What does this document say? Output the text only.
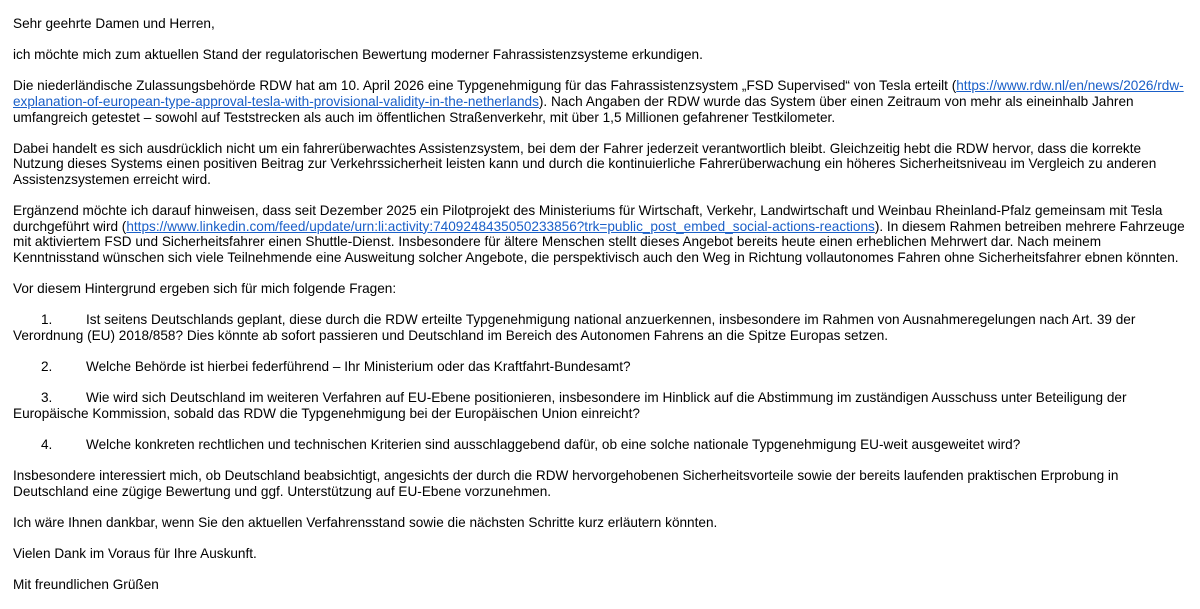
Sehr geehrte Damen und Herren,

ich möchte mich zum aktuellen Stand der regulatorischen Bewertung moderner Fahrassistenzsysteme erkundigen.

Die niederländische Zulassungsbehörde RDW hat am 10. April 2026 eine Typgenehmigung für das Fahrassistenzsystem „FSD Supervised“ von Tesla erteilt (https://www.rdw.nl/en/news/2026/rdw-explanation-of-european-type-approval-tesla-with-provisional-validity-in-the-netherlands). Nach Angaben der RDW wurde das System über einen Zeitraum von mehr als eineinhalb Jahren umfangreich getestet – sowohl auf Teststrecken als auch im öffentlichen Straßenverkehr, mit über 1,5 Millionen gefahrener Testkilometer.

Dabei handelt es sich ausdrücklich nicht um ein fahrerüberwachtes Assistenzsystem, bei dem der Fahrer jederzeit verantwortlich bleibt. Gleichzeitig hebt die RDW hervor, dass die korrekte Nutzung dieses Systems einen positiven Beitrag zur Verkehrssicherheit leisten kann und durch die kontinuierliche Fahrerüberwachung ein höheres Sicherheitsniveau im Vergleich zu anderen Assistenzsystemen erreicht wird.

Ergänzend möchte ich darauf hinweisen, dass seit Dezember 2025 ein Pilotprojekt des Ministeriums für Wirtschaft, Verkehr, Landwirtschaft und Weinbau Rheinland-Pfalz gemeinsam mit Tesla durchgeführt wird (https://www.linkedin.com/feed/update/urn:li:activity:7409248435050233856?trk=public_post_embed_social-actions-reactions). In diesem Rahmen betreiben mehrere Fahrzeuge mit aktiviertem FSD und Sicherheitsfahrer einen Shuttle-Dienst. Insbesondere für ältere Menschen stellt dieses Angebot bereits heute einen erheblichen Mehrwert dar. Nach meinem Kenntnisstand wünschen sich viele Teilnehmende eine Ausweitung solcher Angebote, die perspektivisch auch den Weg in Richtung vollautonomes Fahren ohne Sicherheitsfahrer ebnen könnten.

Vor diesem Hintergrund ergeben sich für mich folgende Fragen:

1. Ist seitens Deutschlands geplant, diese durch die RDW erteilte Typgenehmigung national anzuerkennen, insbesondere im Rahmen von Ausnahmeregelungen nach Art. 39 der Verordnung (EU) 2018/858? Dies könnte ab sofort passieren und Deutschland im Bereich des Autonomen Fahrens an die Spitze Europas setzen.
2. Welche Behörde ist hierbei federführend – Ihr Ministerium oder das Kraftfahrt-Bundesamt?
3. Wie wird sich Deutschland im weiteren Verfahren auf EU-Ebene positionieren, insbesondere im Hinblick auf die Abstimmung im zuständigen Ausschuss unter Beteiligung der Europäische Kommission, sobald das RDW die Typgenehmigung bei der Europäischen Union einreicht?
4. Welche konkreten rechtlichen und technischen Kriterien sind ausschlaggebend dafür, ob eine solche nationale Typgenehmigung EU-weit ausgeweitet wird?

Insbesondere interessiert mich, ob Deutschland beabsichtigt, angesichts der durch die RDW hervorgehobenen Sicherheitsvorteile sowie der bereits laufenden praktischen Erprobung in Deutschland eine zügige Bewertung und ggf. Unterstützung auf EU-Ebene vorzunehmen.

Ich wäre Ihnen dankbar, wenn Sie den aktuellen Verfahrensstand sowie die nächsten Schritte kurz erläutern könnten.

Vielen Dank im Voraus für Ihre Auskunft.

Mit freundlichen Grüßen
